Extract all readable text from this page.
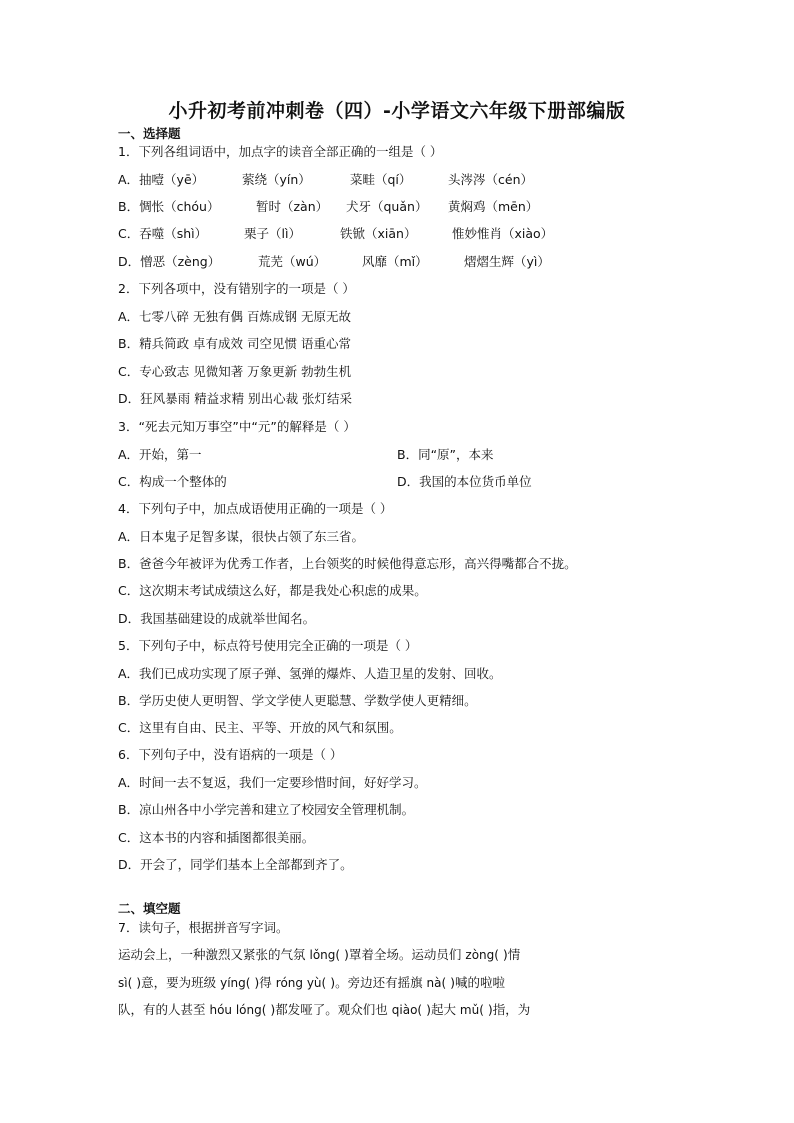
小升初考前冲刺卷（四）-小学语文六年级下册部编版
一、选择题
1．下列各组词语中，加点字的读音全部正确的一组是（ ）
A．抽噎（yē）	萦绕（yín）	菜畦（qí）	头涔涔（cén）
B．惆怅（chóu）	暂时（zàn） 犬牙（quǎn） 黄焖鸡（mēn）
C．吞噬（shì）	栗子（lì）	铁锨（xiān）	惟妙惟肖（xiào）
D．憎恶（zèng）	荒芜（wú）	风靡（mǐ）	熠熠生辉（yì）
2．下列各项中，没有错别字的一项是（ ）
A．七零八碎 无独有偶 百炼成钢 无原无故
B．精兵简政 卓有成效 司空见惯 语重心常
C．专心致志 见微知著 万象更新 勃勃生机
D．狂风暴雨 精益求精 别出心裁 张灯结采
3．“死去元知万事空”中“元”的解释是（ ）
A．开始，第一	B．同“原”，本来
C．构成一个整体的	D．我国的本位货币单位
4．下列句子中，加点成语使用正确的一项是（ ）
A．日本鬼子足智多谋，很快占领了东三省。
B．爸爸今年被评为优秀工作者，上台领奖的时候他得意忘形，高兴得嘴都合不拢。
C．这次期末考试成绩这么好，都是我处心积虑的成果。
D．我国基础建设的成就举世闻名。
5．下列句子中，标点符号使用完全正确的一项是（ ）
A．我们已成功实现了原子弹、氢弹的爆炸、人造卫星的发射、回收。
B．学历史使人更明智、学文学使人更聪慧、学数学使人更精细。
C．这里有自由、民主、平等、开放的风气和氛围。
6．下列句子中，没有语病的一项是（ ）
A．时间一去不复返，我们一定要珍惜时间，好好学习。
B．凉山州各中小学完善和建立了校园安全管理机制。
C．这本书的内容和插图都很美丽。
D．开会了，同学们基本上全部都到齐了。
二、填空题
7．读句子，根据拼音写字词。
运动会上，一种激烈又紧张的气氛 lǒng( )罩着全场。运动员们 zòng( )情
sì( )意，要为班级 yíng( )得 róng yù( )。旁边还有摇旗 nà( )喊的啦啦
队，有的人甚至 hóu lóng( )都发哑了。观众们也 qiào( )起大 mǔ( )指，为
